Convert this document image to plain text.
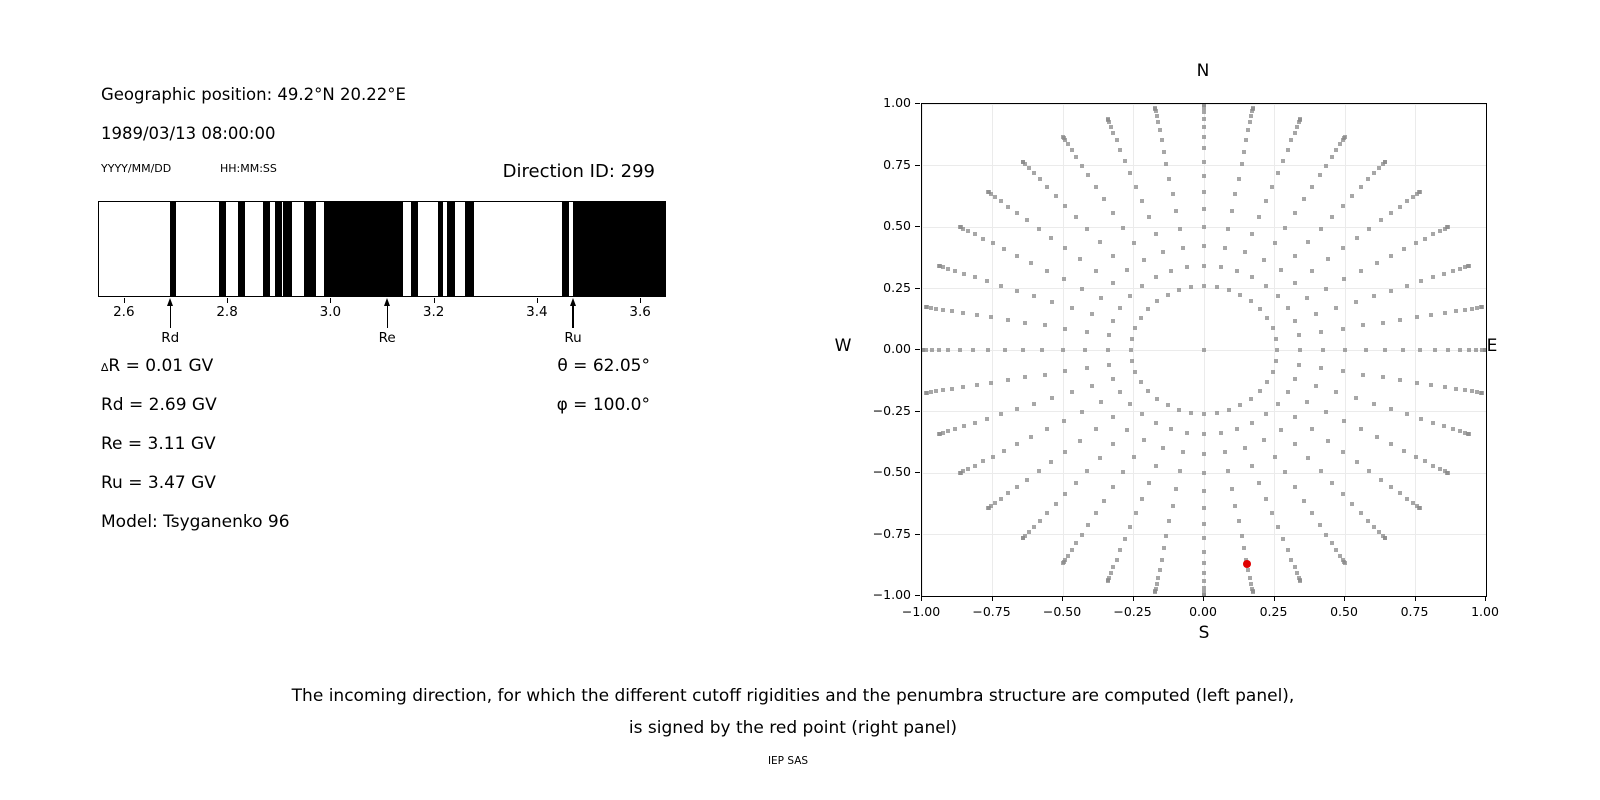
Geographic position: 49.2°N 20.22°E
1989/03/13 08:00:00
YYYY/MM/DD	HH:MM:SS	Direction ID: 299
2.6	2.8	3.0	3.2	3.4	3.6
Rd	Re	Ru
∆R = 0.01 GV
Rd = 2.69 GV
Re = 3.11 GV
Ru = 3.47 GV
Model: Tsyganenko 96
θ = 62.05°
φ = 100.0°
−1.00	−0.75	−0.50	−0.25	0.00	0.25	0.50	0.75	1.00
1.00
0.75
0.50
0.25
0.00
−0.25
−0.50
−0.75
−1.00
N
S
W	E
The incoming direction, for which the different cutoff rigidities and the penumbra structure are computed (left panel),
is signed by the red point (right panel)
IEP SAS
